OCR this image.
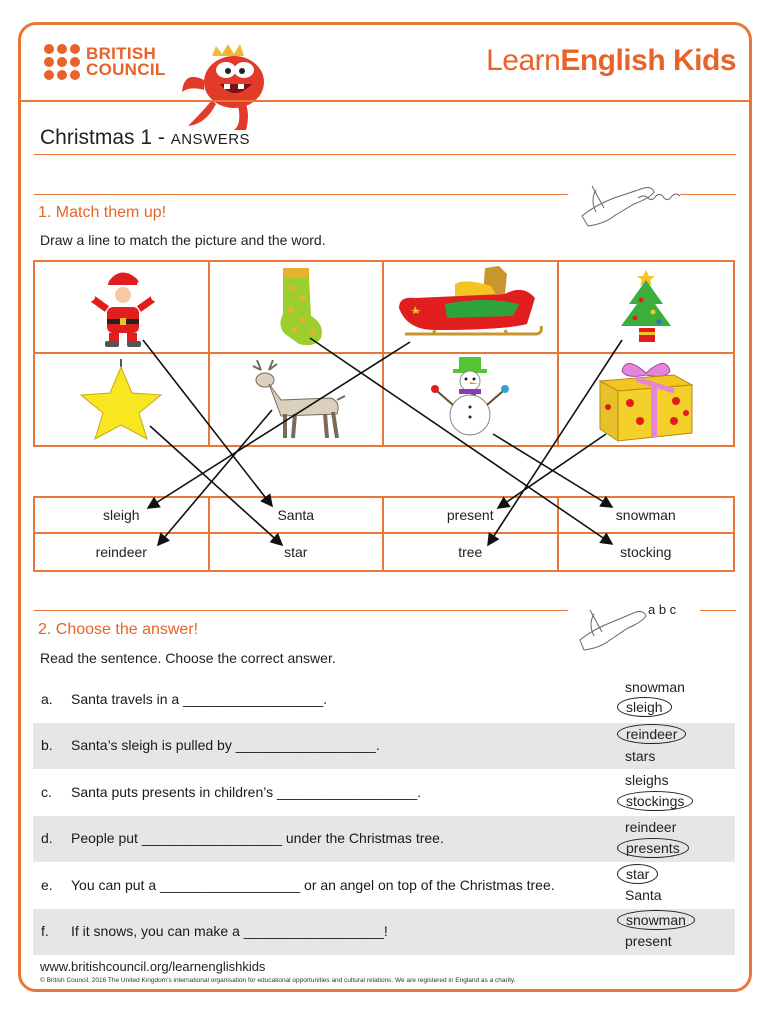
BRITISH
COUNCIL	LearnEnglish Kids
Christmas 1 - ANSWERS
1. Match them up!
Draw a line to match the picture and the word.
sleigh	Santa	present	snowman
reindeer	star	tree	stocking
a b c
2. Choose the answer!
Read the sentence. Choose the correct answer.
a. Santa travels in a __________________.
snowman
sleigh
b. Santa’s sleigh is pulled by __________________.
reindeer
stars
c. Santa puts presents in children’s __________________.
sleighs
stockings
d. People put __________________ under the Christmas tree.
reindeer
presents
e. You can put a __________________ or an angel on top of the Christmas tree.
star
Santa
f. If it snows, you can make a __________________!
snowman
present
www.britishcouncil.org/learnenglishkids
© British Council, 2016 The United Kingdom’s international organisation for educational opportunities and cultural relations. We are registered in England as a charity.
